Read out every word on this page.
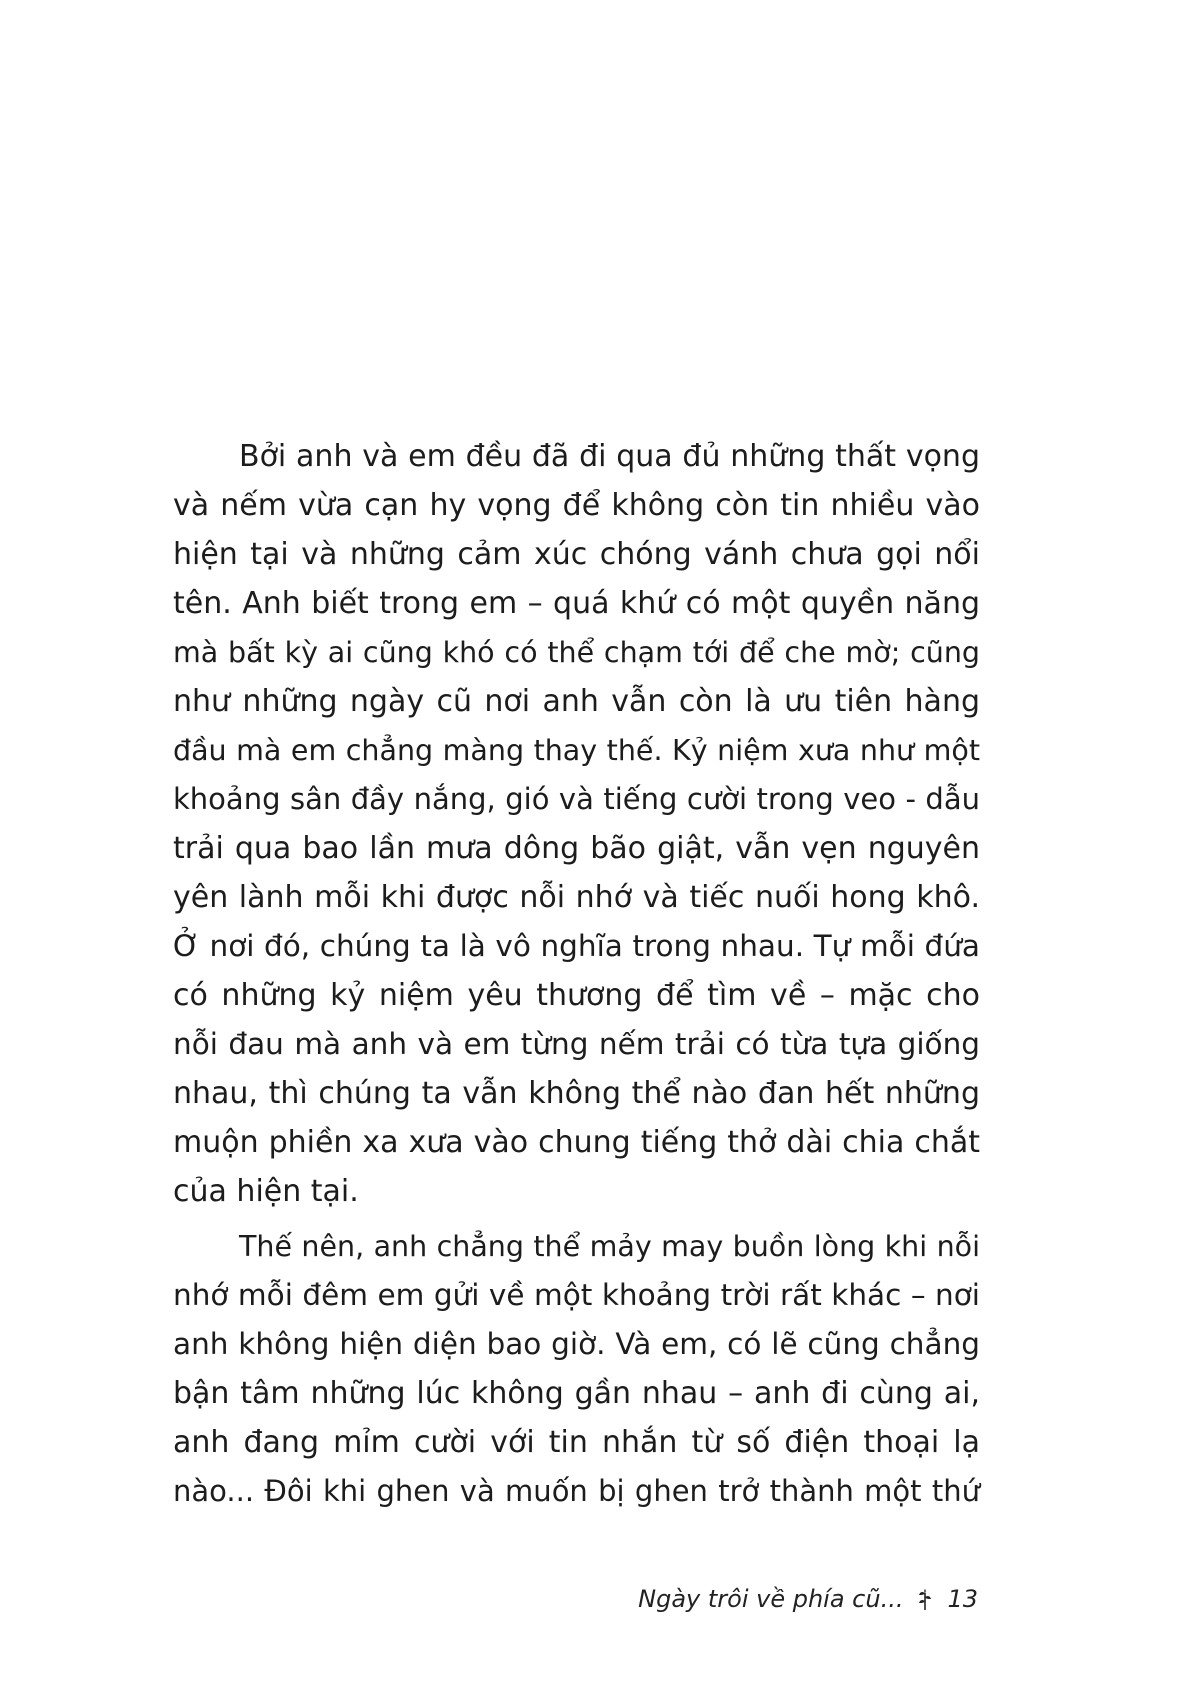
Bởi anh và em đều đã đi qua đủ những thất vọng
và nếm vừa cạn hy vọng để không còn tin nhiều vào
hiện tại và những cảm xúc chóng vánh chưa gọi nổi
tên. Anh biết trong em – quá khứ có một quyền năng
mà bất kỳ ai cũng khó có thể chạm tới để che mờ; cũng
như những ngày cũ nơi anh vẫn còn là ưu tiên hàng
đầu mà em chẳng màng thay thế. Kỷ niệm xưa như một
khoảng sân đầy nắng, gió và tiếng cười trong veo - dẫu
trải qua bao lần mưa dông bão giật, vẫn vẹn nguyên
yên lành mỗi khi được nỗi nhớ và tiếc nuối hong khô.
Ở nơi đó, chúng ta là vô nghĩa trong nhau. Tự mỗi đứa
có những kỷ niệm yêu thương để tìm về – mặc cho
nỗi đau mà anh và em từng nếm trải có từa tựa giống
nhau, thì chúng ta vẫn không thể nào đan hết những
muộn phiền xa xưa vào chung tiếng thở dài chia chắt
của hiện tại.
Thế nên, anh chẳng thể mảy may buồn lòng khi nỗi
nhớ mỗi đêm em gửi về một khoảng trời rất khác – nơi
anh không hiện diện bao giờ. Và em, có lẽ cũng chẳng
bận tâm những lúc không gần nhau – anh đi cùng ai,
anh đang mỉm cười với tin nhắn từ số điện thoại lạ
nào... Đôi khi ghen và muốn bị ghen trở thành một thứ
Ngày trôi về phía cũ... 13
